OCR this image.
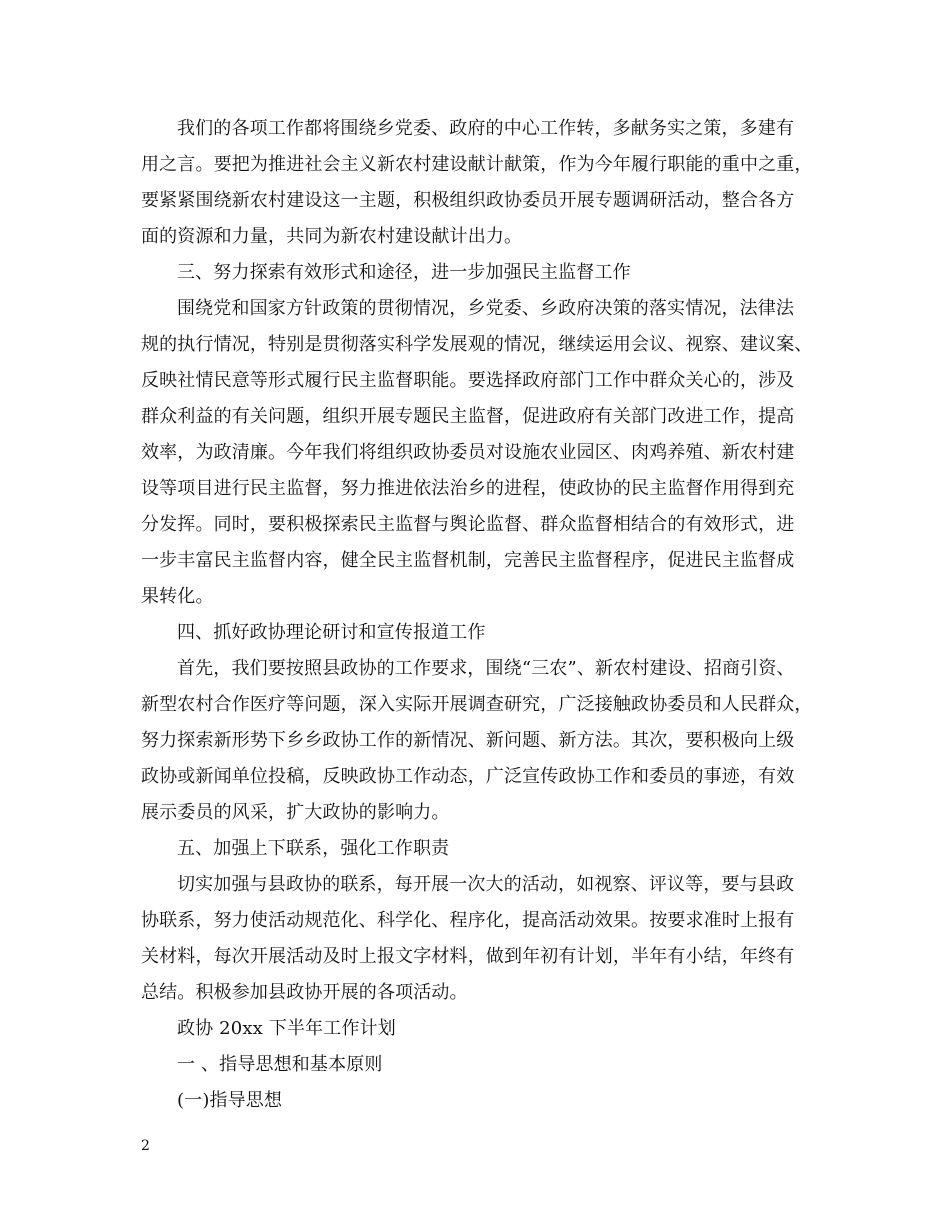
我们的各项工作都将围绕乡党委、政府的中心工作转，多献务实之策，多建有
用之言。要把为推进社会主义新农村建设献计献策，作为今年履行职能的重中之重，
要紧紧围绕新农村建设这一主题，积极组织政协委员开展专题调研活动，整合各方
面的资源和力量，共同为新农村建设献计出力。
三、努力探索有效形式和途径，进一步加强民主监督工作
围绕党和国家方针政策的贯彻情况，乡党委、乡政府决策的落实情况，法律法
规的执行情况，特别是贯彻落实科学发展观的情况，继续运用会议、视察、建议案、
反映社情民意等形式履行民主监督职能。要选择政府部门工作中群众关心的，涉及
群众利益的有关问题，组织开展专题民主监督，促进政府有关部门改进工作，提高
效率，为政清廉。今年我们将组织政协委员对设施农业园区、肉鸡养殖、新农村建
设等项目进行民主监督，努力推进依法治乡的进程，使政协的民主监督作用得到充
分发挥。同时，要积极探索民主监督与舆论监督、群众监督相结合的有效形式，进
一步丰富民主监督内容，健全民主监督机制，完善民主监督程序，促进民主监督成
果转化。
四、抓好政协理论研讨和宣传报道工作
首先，我们要按照县政协的工作要求，围绕“三农”、新农村建设、招商引资、
新型农村合作医疗等问题，深入实际开展调查研究，广泛接触政协委员和人民群众，
努力探索新形势下乡乡政协工作的新情况、新问题、新方法。其次，要积极向上级
政协或新闻单位投稿，反映政协工作动态，广泛宣传政协工作和委员的事迹，有效
展示委员的风采，扩大政协的影响力。
五、加强上下联系，强化工作职责
切实加强与县政协的联系，每开展一次大的活动，如视察、评议等，要与县政
协联系，努力使活动规范化、科学化、程序化，提高活动效果。按要求准时上报有
关材料，每次开展活动及时上报文字材料，做到年初有计划，半年有小结，年终有
总结。积极参加县政协开展的各项活动。
政协 20xx 下半年工作计划
一 、指导思想和基本原则
(一)指导思想
2
